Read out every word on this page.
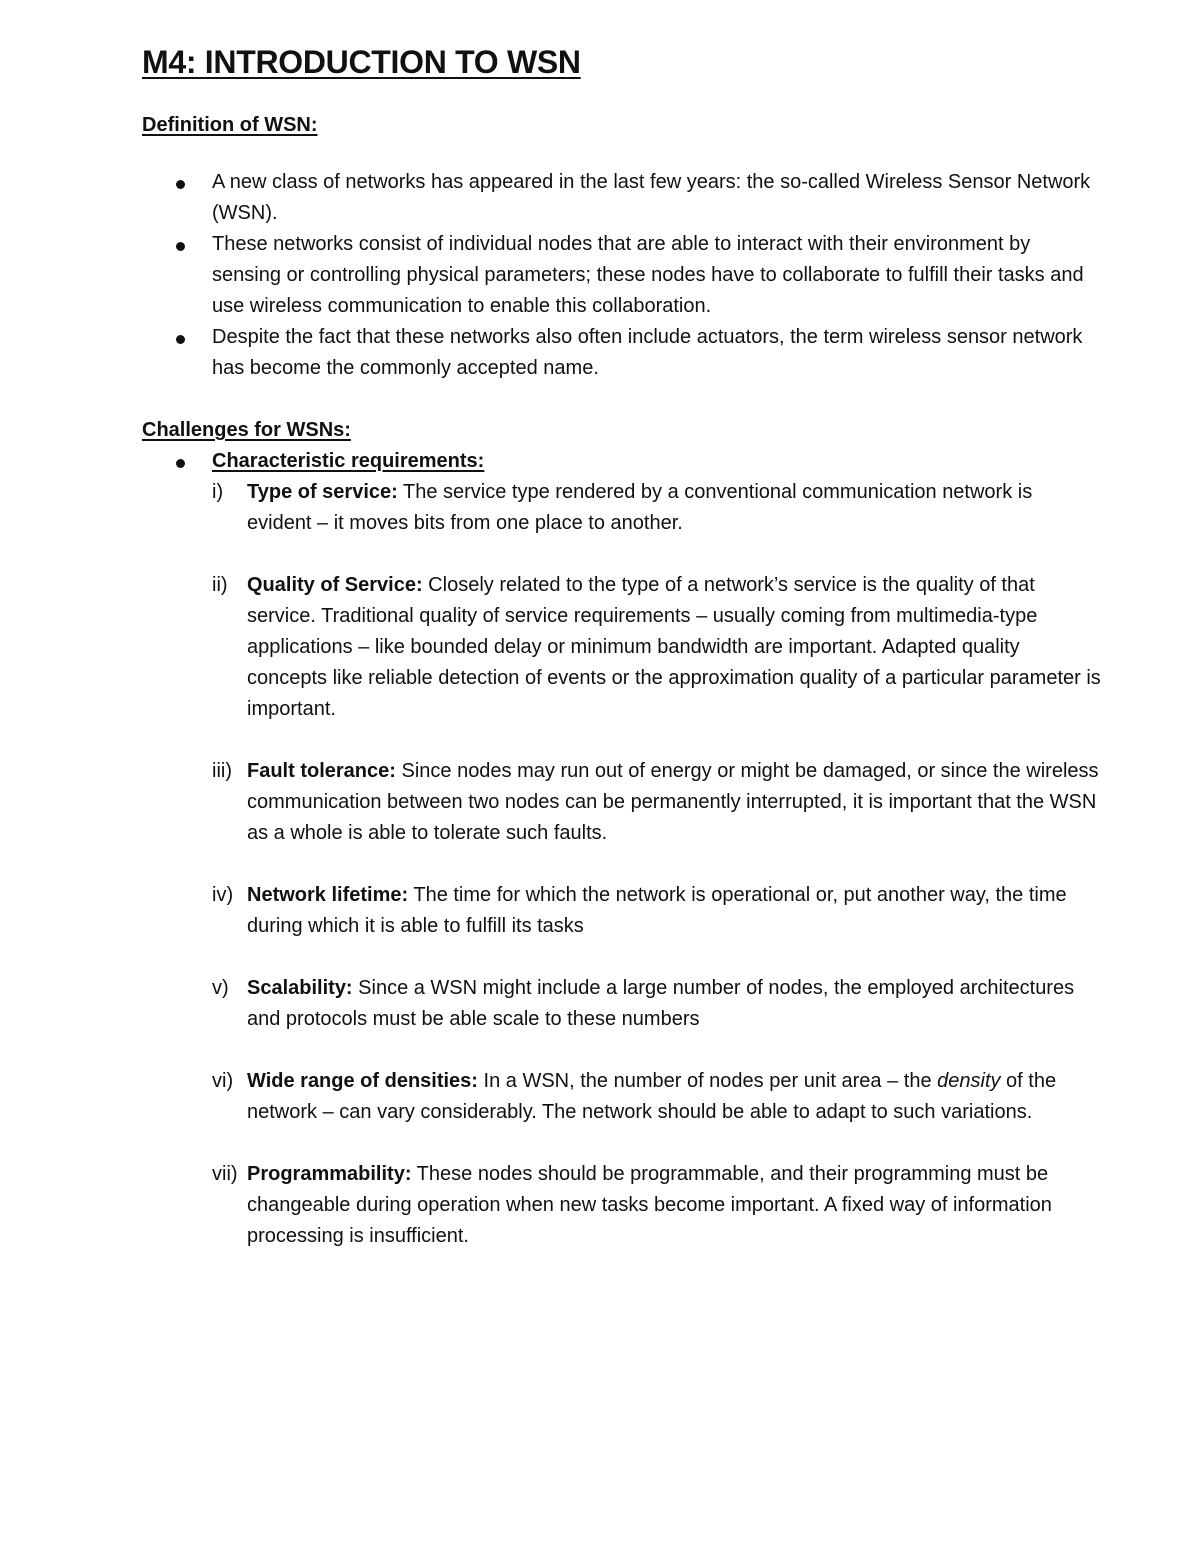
M4: INTRODUCTION TO WSN
Definition of WSN:
A new class of networks has appeared in the last few years: the so-called Wireless Sensor Network (WSN).
These networks consist of individual nodes that are able to interact with their environment by sensing or controlling physical parameters; these nodes have to collaborate to fulfill their tasks and use wireless communication to enable this collaboration.
Despite the fact that these networks also often include actuators, the term wireless sensor network has become the commonly accepted name.
Challenges for WSNs:
Characteristic requirements:
i) Type of service: The service type rendered by a conventional communication network is evident – it moves bits from one place to another.
ii) Quality of Service: Closely related to the type of a network’s service is the quality of that service. Traditional quality of service requirements – usually coming from multimedia-type applications – like bounded delay or minimum bandwidth are important. Adapted quality concepts like reliable detection of events or the approximation quality of a particular parameter is important.
iii) Fault tolerance: Since nodes may run out of energy or might be damaged, or since the wireless communication between two nodes can be permanently interrupted, it is important that the WSN as a whole is able to tolerate such faults.
iv) Network lifetime: The time for which the network is operational or, put another way, the time during which it is able to fulfill its tasks
v) Scalability: Since a WSN might include a large number of nodes, the employed architectures and protocols must be able scale to these numbers
vi) Wide range of densities: In a WSN, the number of nodes per unit area – the density of the network – can vary considerably. The network should be able to adapt to such variations.
vii) Programmability: These nodes should be programmable, and their programming must be changeable during operation when new tasks become important. A fixed way of information processing is insufficient.
